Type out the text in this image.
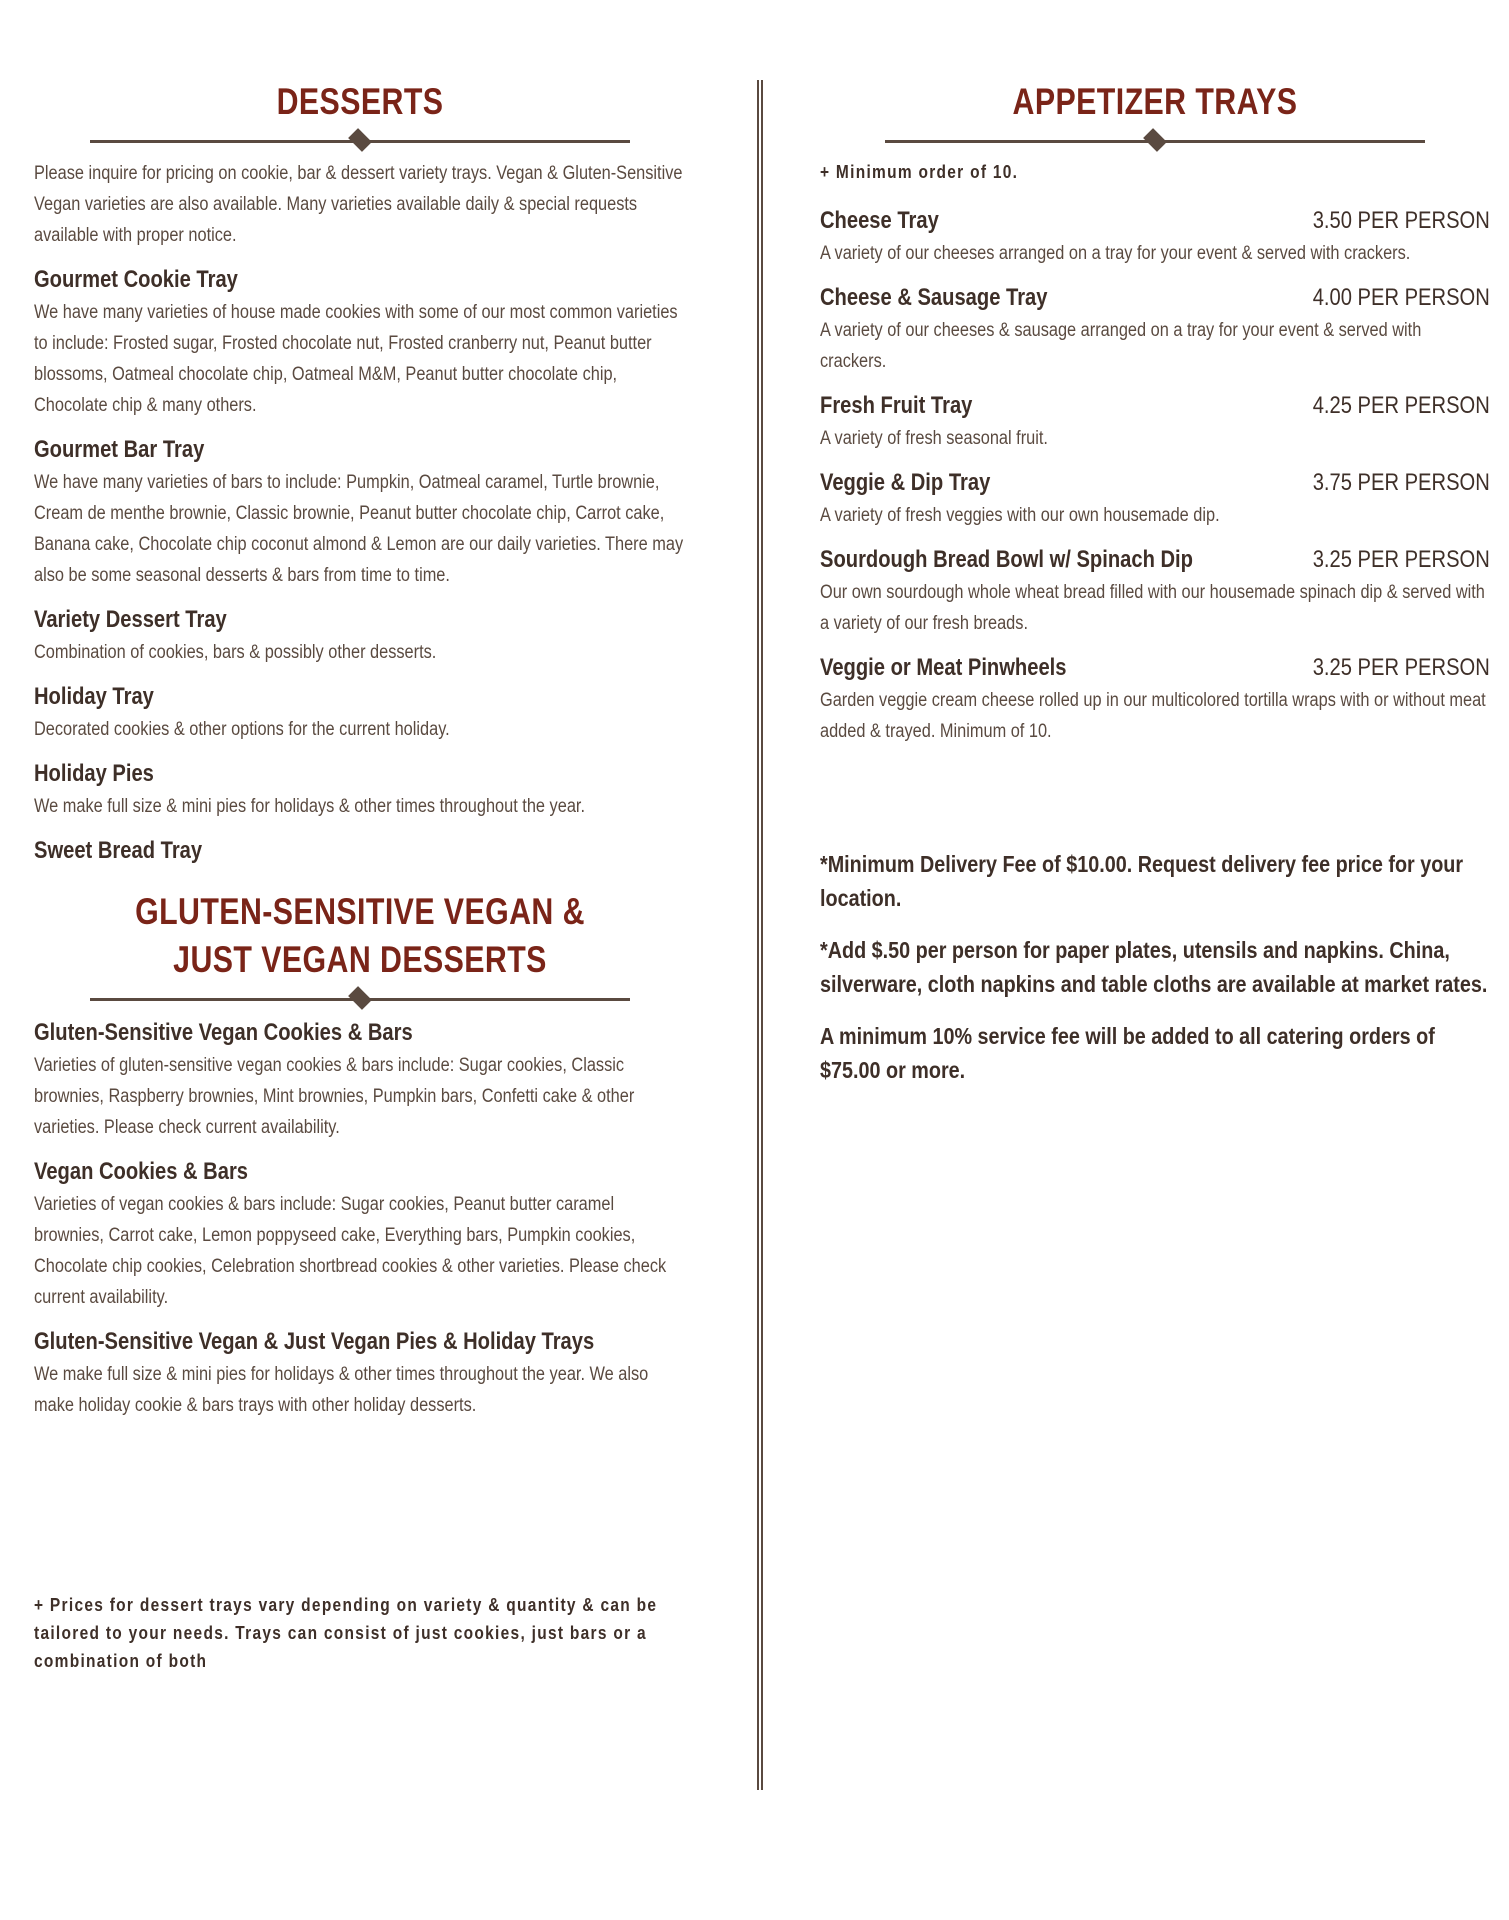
DESSERTS
Please inquire for pricing on cookie, bar & dessert variety trays. Vegan & Gluten-Sensitive Vegan varieties are also available. Many varieties available daily & special requests available with proper notice.
Gourmet Cookie Tray
We have many varieties of house made cookies with some of our most common varieties to include: Frosted sugar, Frosted chocolate nut, Frosted cranberry nut, Peanut butter blossoms, Oatmeal chocolate chip, Oatmeal M&M, Peanut butter chocolate chip, Chocolate chip & many others.
Gourmet Bar Tray
We have many varieties of bars to include: Pumpkin, Oatmeal caramel, Turtle brownie, Cream de menthe brownie, Classic brownie, Peanut butter chocolate chip, Carrot cake, Banana cake, Chocolate chip coconut almond & Lemon are our daily varieties. There may also be some seasonal desserts & bars from time to time.
Variety Dessert Tray
Combination of cookies, bars & possibly other desserts.
Holiday Tray
Decorated cookies & other options for the current holiday.
Holiday Pies
We make full size & mini pies for holidays & other times throughout the year.
Sweet Bread Tray
GLUTEN-SENSITIVE VEGAN & JUST VEGAN DESSERTS
Gluten-Sensitive Vegan Cookies & Bars
Varieties of gluten-sensitive vegan cookies & bars include: Sugar cookies, Classic brownies, Raspberry brownies, Mint brownies, Pumpkin bars, Confetti cake & other varieties. Please check current availability.
Vegan Cookies & Bars
Varieties of vegan cookies & bars include: Sugar cookies, Peanut butter caramel brownies, Carrot cake, Lemon poppyseed cake, Everything bars, Pumpkin cookies, Chocolate chip cookies, Celebration shortbread cookies & other varieties. Please check current availability.
Gluten-Sensitive Vegan & Just Vegan Pies & Holiday Trays
We make full size & mini pies for holidays & other times throughout the year. We also make holiday cookie & bars trays with other holiday desserts.
+ Prices for dessert trays vary depending on variety & quantity & can be tailored to your needs. Trays can consist of just cookies, just bars or a combination of both
APPETIZER TRAYS
+ Minimum order of 10.
Cheese Tray	3.50 PER PERSON
A variety of our cheeses arranged on a tray for your event & served with crackers.
Cheese & Sausage Tray	4.00 PER PERSON
A variety of our cheeses & sausage arranged on a tray for your event & served with crackers.
Fresh Fruit Tray	4.25 PER PERSON
A variety of fresh seasonal fruit.
Veggie & Dip Tray	3.75 PER PERSON
A variety of fresh veggies with our own housemade dip.
Sourdough Bread Bowl w/ Spinach Dip	3.25 PER PERSON
Our own sourdough whole wheat bread filled with our housemade spinach dip & served with a variety of our fresh breads.
Veggie or Meat Pinwheels	3.25 PER PERSON
Garden veggie cream cheese rolled up in our multicolored tortilla wraps with or without meat added & trayed. Minimum of 10.
*Minimum Delivery Fee of $10.00. Request delivery fee price for your location.
*Add $.50 per person for paper plates, utensils and napkins. China, silverware, cloth napkins and table cloths are available at market rates.
A minimum 10% service fee will be added to all catering orders of $75.00 or more.
